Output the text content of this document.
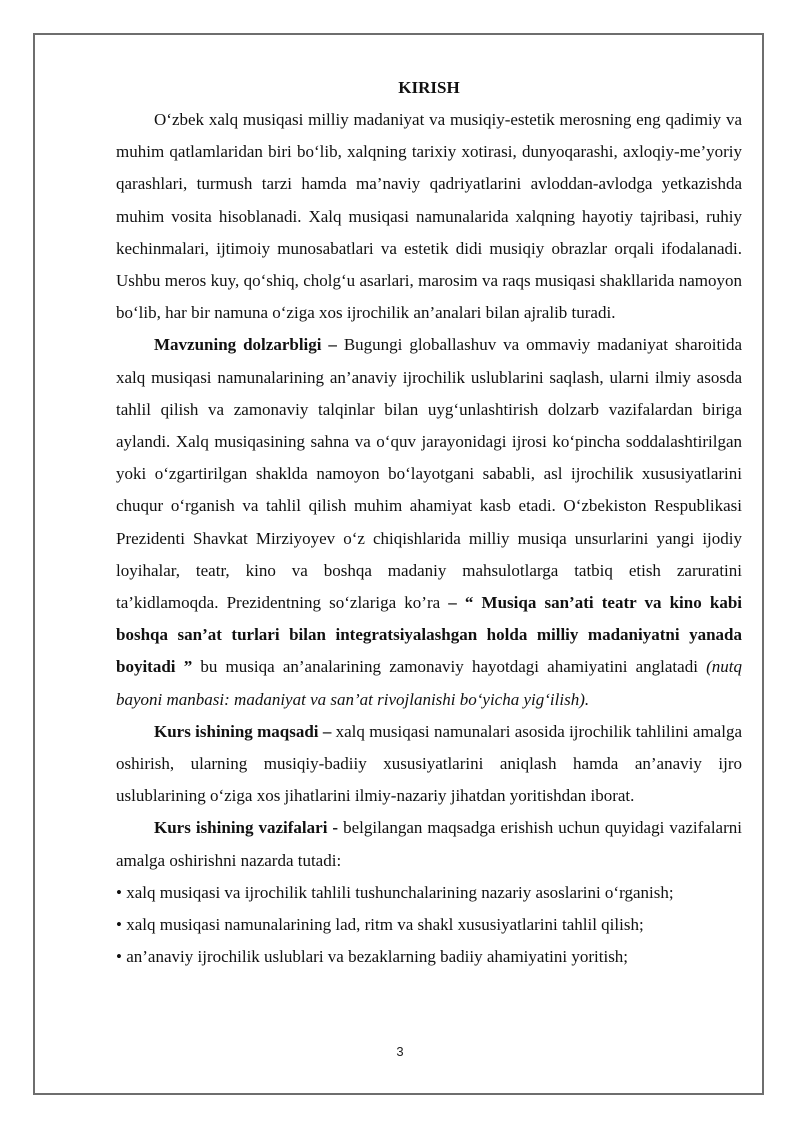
KIRISH

O‘zbek xalq musiqasi milliy madaniyat va musiqiy-estetik merosning eng qadimiy va muhim qatlamlaridan biri bo‘lib, xalqning tarixiy xotirasi, dunyoqarashi, axloqiy-me’yoriy qarashlari, turmush tarzi hamda ma’naviy qadriyatlarini avloddan-avlodga yetkazishda muhim vosita hisoblanadi. Xalq musiqasi namunalarida xalqning hayotiy tajribasi, ruhiy kechinmalari, ijtimoiy munosabatlari va estetik didi musiqiy obrazlar orqali ifodalanadi. Ushbu meros kuy, qo‘shiq, cholg‘u asarlari, marosim va raqs musiqasi shakllarida namoyon bo‘lib, har bir namuna o‘ziga xos ijrochilik an’analari bilan ajralib turadi.

Mavzuning dolzarbligi – Bugungi globallashuv va ommaviy madaniyat sharoitida xalq musiqasi namunalarining an’anaviy ijrochilik uslublarini saqlash, ularni ilmiy asosda tahlil qilish va zamonaviy talqinlar bilan uyg‘unlashtirish dolzarb vazifalardan biriga aylandi. Xalq musiqasining sahna va o‘quv jarayonidagi ijrosi ko‘pincha soddalashtirilgan yoki o‘zgartirilgan shaklda namoyon bo‘layotgani sababli, asl ijrochilik xususiyatlarini chuqur o‘rganish va tahlil qilish muhim ahamiyat kasb etadi. O‘zbekiston Respublikasi Prezidenti Shavkat Mirziyoyev o‘z chiqishlarida milliy musiqa unsurlarini yangi ijodiy loyihalar, teatr, kino va boshqa madaniy mahsulotlarga tatbiq etish zaruratini ta’kidlamoqda. Prezidentning so‘zlariga ko’ra – “ Musiqa san’ati teatr va kino kabi boshqa san’at turlari bilan integratsiyalashgan holda milliy madaniyatni yanada boyitadi ” bu musiqa an’analarining zamonaviy hayotdagi ahamiyatini anglatadi (nutq bayoni manbasi: madaniyat va san’at rivojlanishi bo‘yicha yig‘ilish).

Kurs ishining maqsadi – xalq musiqasi namunalari asosida ijrochilik tahlilini amalga oshirish, ularning musiqiy-badiiy xususiyatlarini aniqlash hamda an’anaviy ijro uslublarining o‘ziga xos jihatlarini ilmiy-nazariy jihatdan yoritishdan iborat.

Kurs ishining vazifalari - belgilangan maqsadga erishish uchun quyidagi vazifalarni amalga oshirishni nazarda tutadi:

• xalq musiqasi va ijrochilik tahlili tushunchalarining nazariy asoslarini o‘rganish;

• xalq musiqasi namunalarining lad, ritm va shakl xususiyatlarini tahlil qilish;

• an’anaviy ijrochilik uslublari va bezaklarning badiiy ahamiyatini yoritish;

3
